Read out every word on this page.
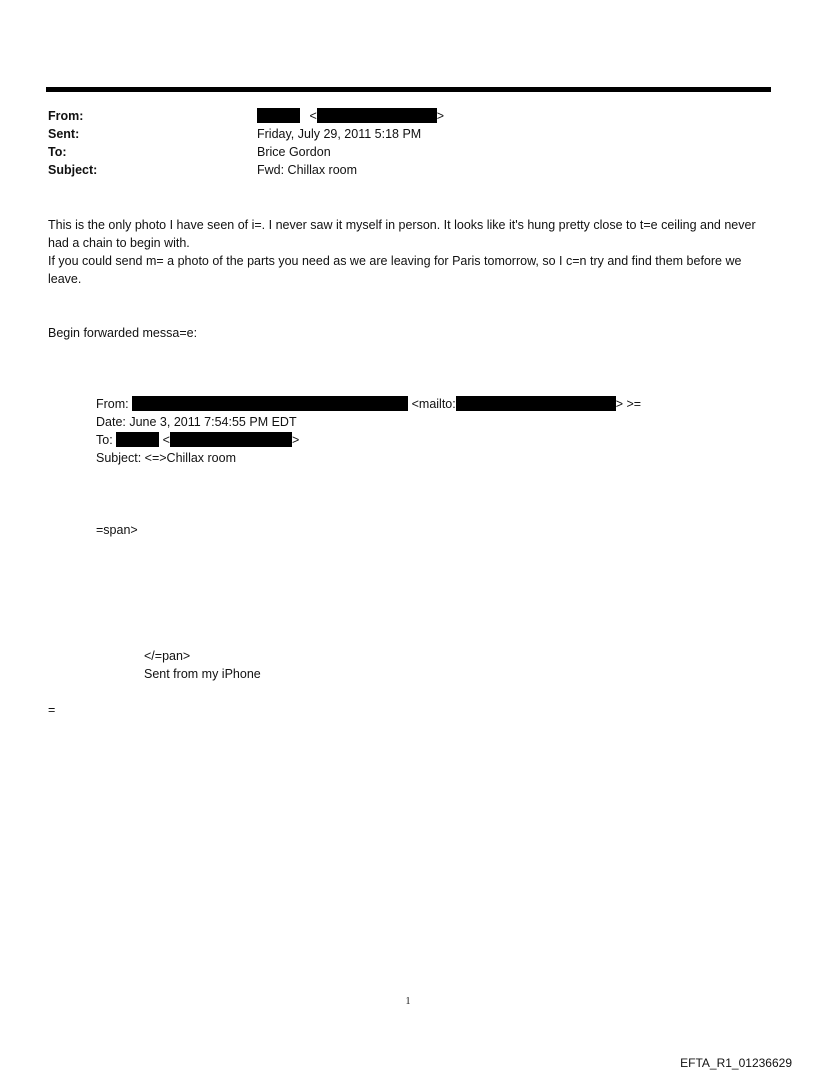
From:	<	>
Sent:	Friday, July 29, 2011 5:18 PM
To:	Brice Gordon
Subject:	Fwd: Chillax room

This is the only photo I have seen of i=. I never saw it myself in person. It looks like it's hung pretty close to t=e ceiling and never had a chain to begin with.

If you could send m= a photo of the parts you need as we are leaving for Paris tomorrow, so I c=n try and find them before we leave.

Begin forwarded messa=e:
From:	<mailto:	> >=
Date: June 3, 2011 7:54:55 PM EDT
To:	<	>
Subject: <=>Chillax room
=span>
</=pan>
Sent from my iPhone
=
1
EFTA_R1_01236629
